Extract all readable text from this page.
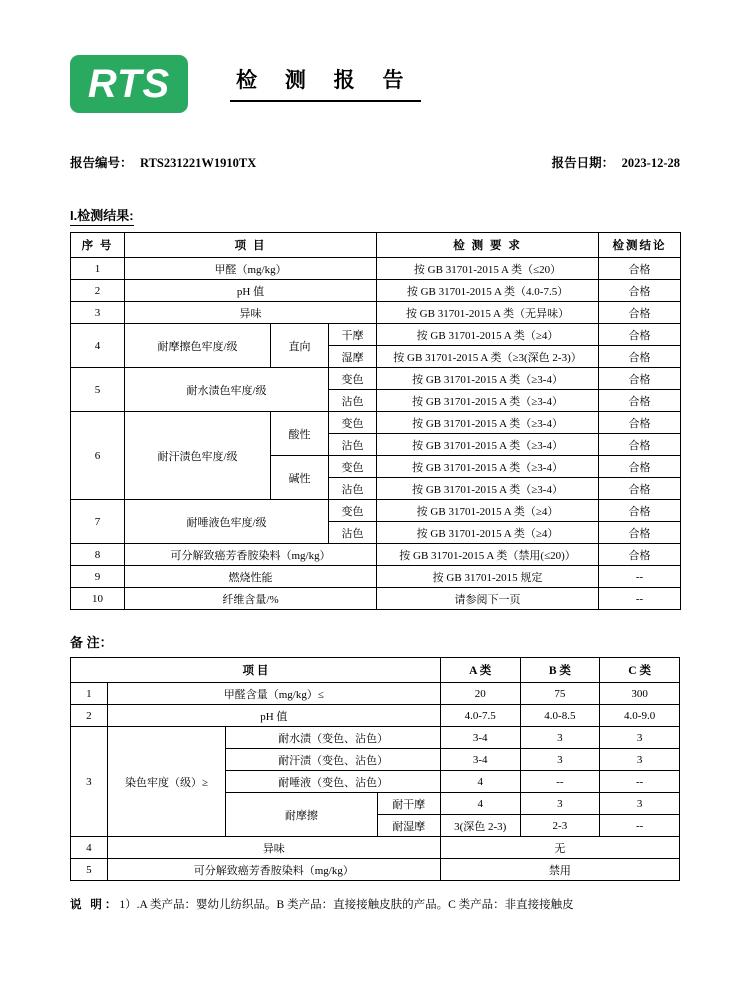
RTS	检 测 报 告
报告编号： RTS231221W1910TX	报告日期： 2023-12-28
I.检测结果:
序 号	项 目			检 测 要 求	检测结论
1	甲醛（mg/kg）			按 GB 31701-2015 A 类（≤20）	合格
2	pH 值			按 GB 31701-2015 A 类（4.0-7.5）	合格
3	异味			按 GB 31701-2015 A 类（无异味）	合格
4	耐摩擦色牢度/级	直向	干摩	按 GB 31701-2015 A 类（≥4）	合格
			湿摩	按 GB 31701-2015 A 类（≥3(深色 2-3)）	合格
5	耐水渍色牢度/级		变色	按 GB 31701-2015 A 类（≥3-4）	合格
			沾色	按 GB 31701-2015 A 类（≥3-4）	合格
6	耐汗渍色牢度/级	酸性	变色	按 GB 31701-2015 A 类（≥3-4）	合格
			沾色	按 GB 31701-2015 A 类（≥3-4）	合格
		碱性	变色	按 GB 31701-2015 A 类（≥3-4）	合格
			沾色	按 GB 31701-2015 A 类（≥3-4）	合格
7	耐唾液色牢度/级		变色	按 GB 31701-2015 A 类（≥4）	合格
			沾色	按 GB 31701-2015 A 类（≥4）	合格
8	可分解致癌芳香胺染料（mg/kg）			按 GB 31701-2015 A 类（禁用(≤20)）	合格
9	燃烧性能			按 GB 31701-2015 规定	--
10	纤维含量/%			请参阅下一页	--
备 注：
项 目				A 类	B 类	C 类
1	甲醛含量（mg/kg）≤			20	75	300
2	pH 值			4.0-7.5	4.0-8.5	4.0-9.0
3	染色牢度（级）≥	耐水渍（变色、沾色）		3-4	3	3
		耐汗渍（变色、沾色）		3-4	3	3
		耐唾液（变色、沾色）		4	--	--
		耐摩擦	耐干摩	4	3	3
			耐湿摩	3(深色 2-3)	2-3	--
4	异味			无		
5	可分解致癌芳香胺染料（mg/kg）			禁用		
说 明：1）.A 类产品：婴幼儿纺织品。B 类产品：直接接触皮肤的产品。C 类产品：非直接接触皮
